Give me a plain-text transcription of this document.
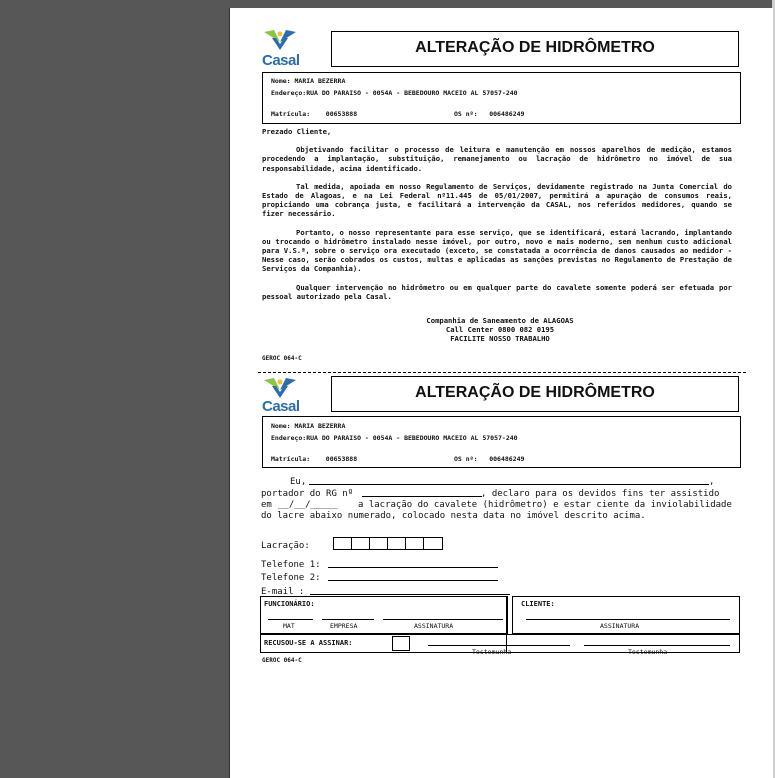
Casal
ALTERAÇÃO DE HIDRÔMETRO
Nome: MARIA BEZERRA
Endereço:RUA DO PARAISO - 0054A - BEBEDOURO MACEIO AL 57057-240
Matrícula: 00653888	OS nº: 006486249
Prezado Cliente,
Objetivando facilitar o processo de leitura e manutenção em nossos aparelhos de medição, estamos procedendo a implantação, substituição, remanejamento ou lacração de hidrômetro no imóvel de sua responsabilidade, acima identificado.
Tal medida, apoiada em nosso Regulamento de Serviços, devidamente registrado na Junta Comercial do Estado de Alagoas, e na Lei Federal nº11.445 de 05/01/2007, permitirá a apuração de consumos reais, propiciando uma cobrança justa, e facilitará a intervenção da CASAL, nos referidos medidores, quando se fizer necessário.
Portanto, o nosso representante para esse serviço, que se identificará, estará lacrando, implantando ou trocando o hidrômetro instalado nesse imóvel, por outro, novo e mais moderno, sem nenhum custo adicional para V.S.ª, sobre o serviço ora executado (exceto, se constatada a ocorrência de danos causados ao medidor - Nesse caso, serão cobrados os custos, multas e aplicadas as sanções previstas no Regulamento de Prestação de Serviços da Companhia).
Qualquer intervenção no hidrômetro ou em qualquer parte do cavalete somente poderá ser efetuada por pessoal autorizado pela Casal.
Companhia de Saneamento de ALAGOAS
Call Center 0800 082 0195
FACILITE NOSSO TRABALHO
GEROC 064-C
Casal
ALTERAÇÃO DE HIDRÔMETRO
Nome: MARIA BEZERRA
Endereço:RUA DO PARAISO - 0054A - BEBEDOURO MACEIO AL 57057-240
Matrícula: 00653888	OS nº: 006486249
Eu,	,
portador do RG nº	, declaro para os devidos fins ter assistido
em __/__/_____ a lacração do cavalete (hidrômetro) e estar ciente da inviolabilidade
do lacre abaixo numerado, colocado nesta data no imóvel descrito acima.
Lacração:
Telefone 1:
Telefone 2:
E-mail :
FUNCIONÁRIO:
MAT	EMPRESA	ASSINATURA
CLIENTE:
ASSINATURA
RECUSOU-SE A ASSINAR:
Testemunha	Testemunha
GEROC 064-C
